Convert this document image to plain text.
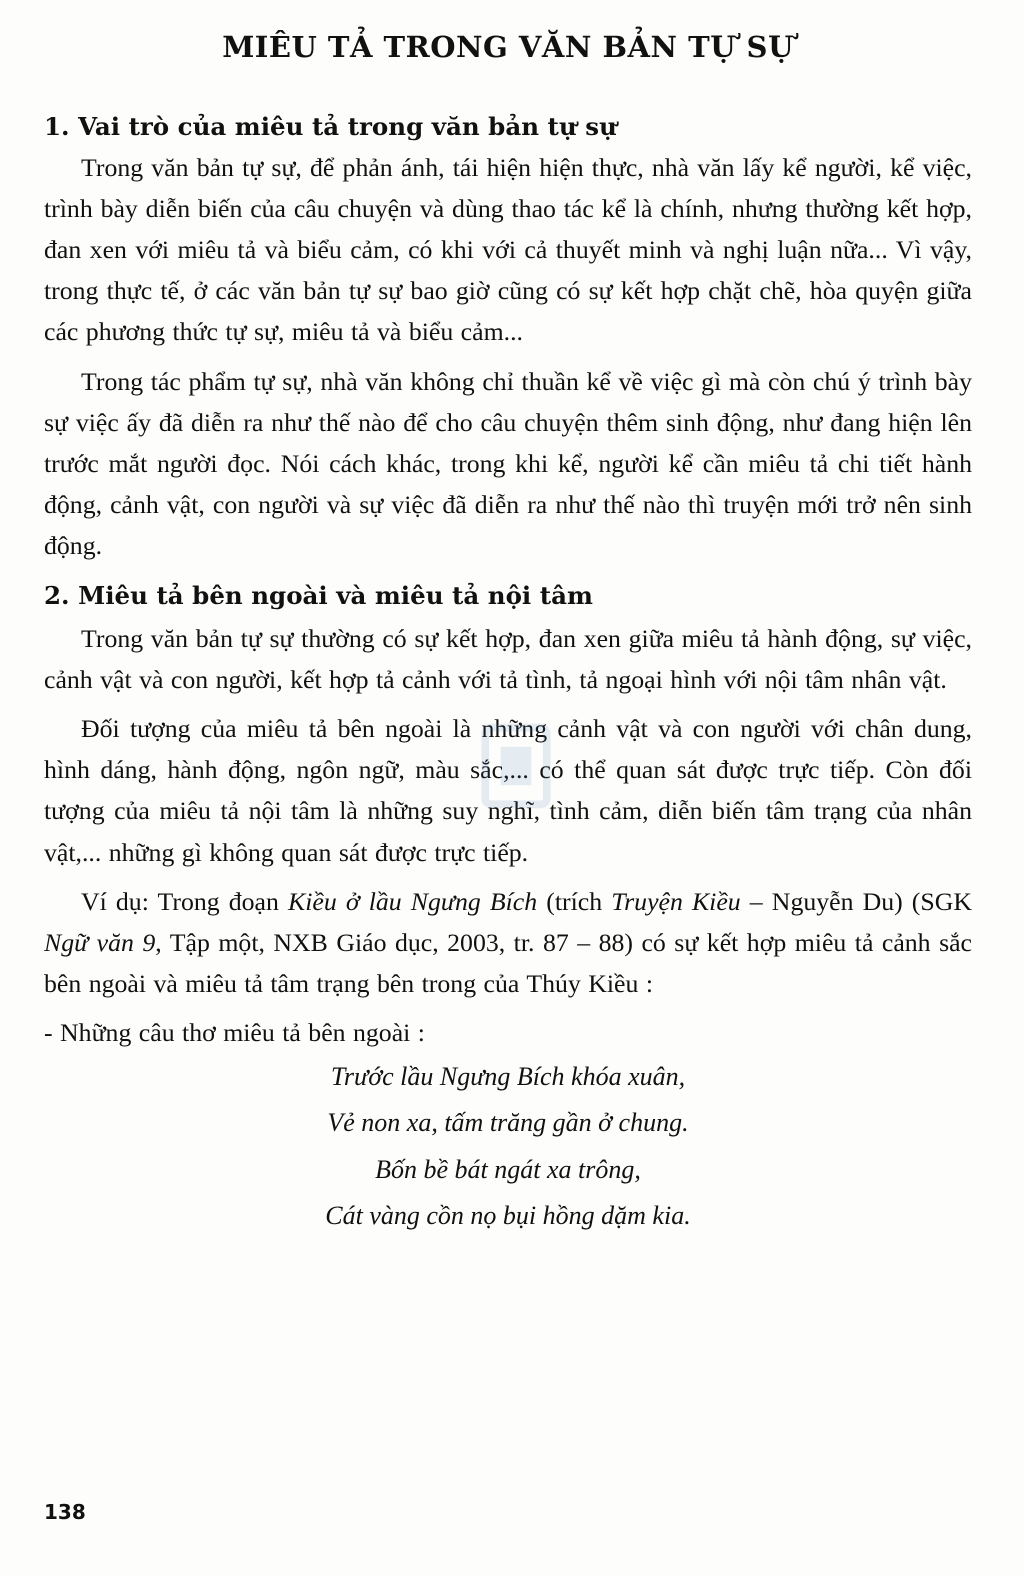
MIÊU TẢ TRONG VĂN BẢN TỰ SỰ
1. Vai trò của miêu tả trong văn bản tự sự

Trong văn bản tự sự, để phản ánh, tái hiện hiện thực, nhà văn lấy kể người, kể việc, trình bày diễn biến của câu chuyện và dùng thao tác kể là chính, nhưng thường kết hợp, đan xen với miêu tả và biểu cảm, có khi với cả thuyết minh và nghị luận nữa... Vì vậy, trong thực tế, ở các văn bản tự sự bao giờ cũng có sự kết hợp chặt chẽ, hòa quyện giữa các phương thức tự sự, miêu tả và biểu cảm...

Trong tác phẩm tự sự, nhà văn không chỉ thuần kể về việc gì mà còn chú ý trình bày sự việc ấy đã diễn ra như thế nào để cho câu chuyện thêm sinh động, như đang hiện lên trước mắt người đọc. Nói cách khác, trong khi kể, người kể cần miêu tả chi tiết hành động, cảnh vật, con người và sự việc đã diễn ra như thế nào thì truyện mới trở nên sinh động.

2. Miêu tả bên ngoài và miêu tả nội tâm

Trong văn bản tự sự thường có sự kết hợp, đan xen giữa miêu tả hành động, sự việc, cảnh vật và con người, kết hợp tả cảnh với tả tình, tả ngoại hình với nội tâm nhân vật.

Đối tượng của miêu tả bên ngoài là những cảnh vật và con người với chân dung, hình dáng, hành động, ngôn ngữ, màu sắc,... có thể quan sát được trực tiếp. Còn đối tượng của miêu tả nội tâm là những suy nghĩ, tình cảm, diễn biến tâm trạng của nhân vật,... những gì không quan sát được trực tiếp.

Ví dụ: Trong đoạn Kiều ở lầu Ngưng Bích (trích Truyện Kiều – Nguyễn Du) (SGK Ngữ văn 9, Tập một, NXB Giáo dục, 2003, tr. 87 – 88) có sự kết hợp miêu tả cảnh sắc bên ngoài và miêu tả tâm trạng bên trong của Thúy Kiều :

- Những câu thơ miêu tả bên ngoài :

Trước lầu Ngưng Bích khóa xuân,
Vẻ non xa, tấm trăng gần ở chung.
Bốn bề bát ngát xa trông,
Cát vàng cồn nọ bụi hồng dặm kia.
138
